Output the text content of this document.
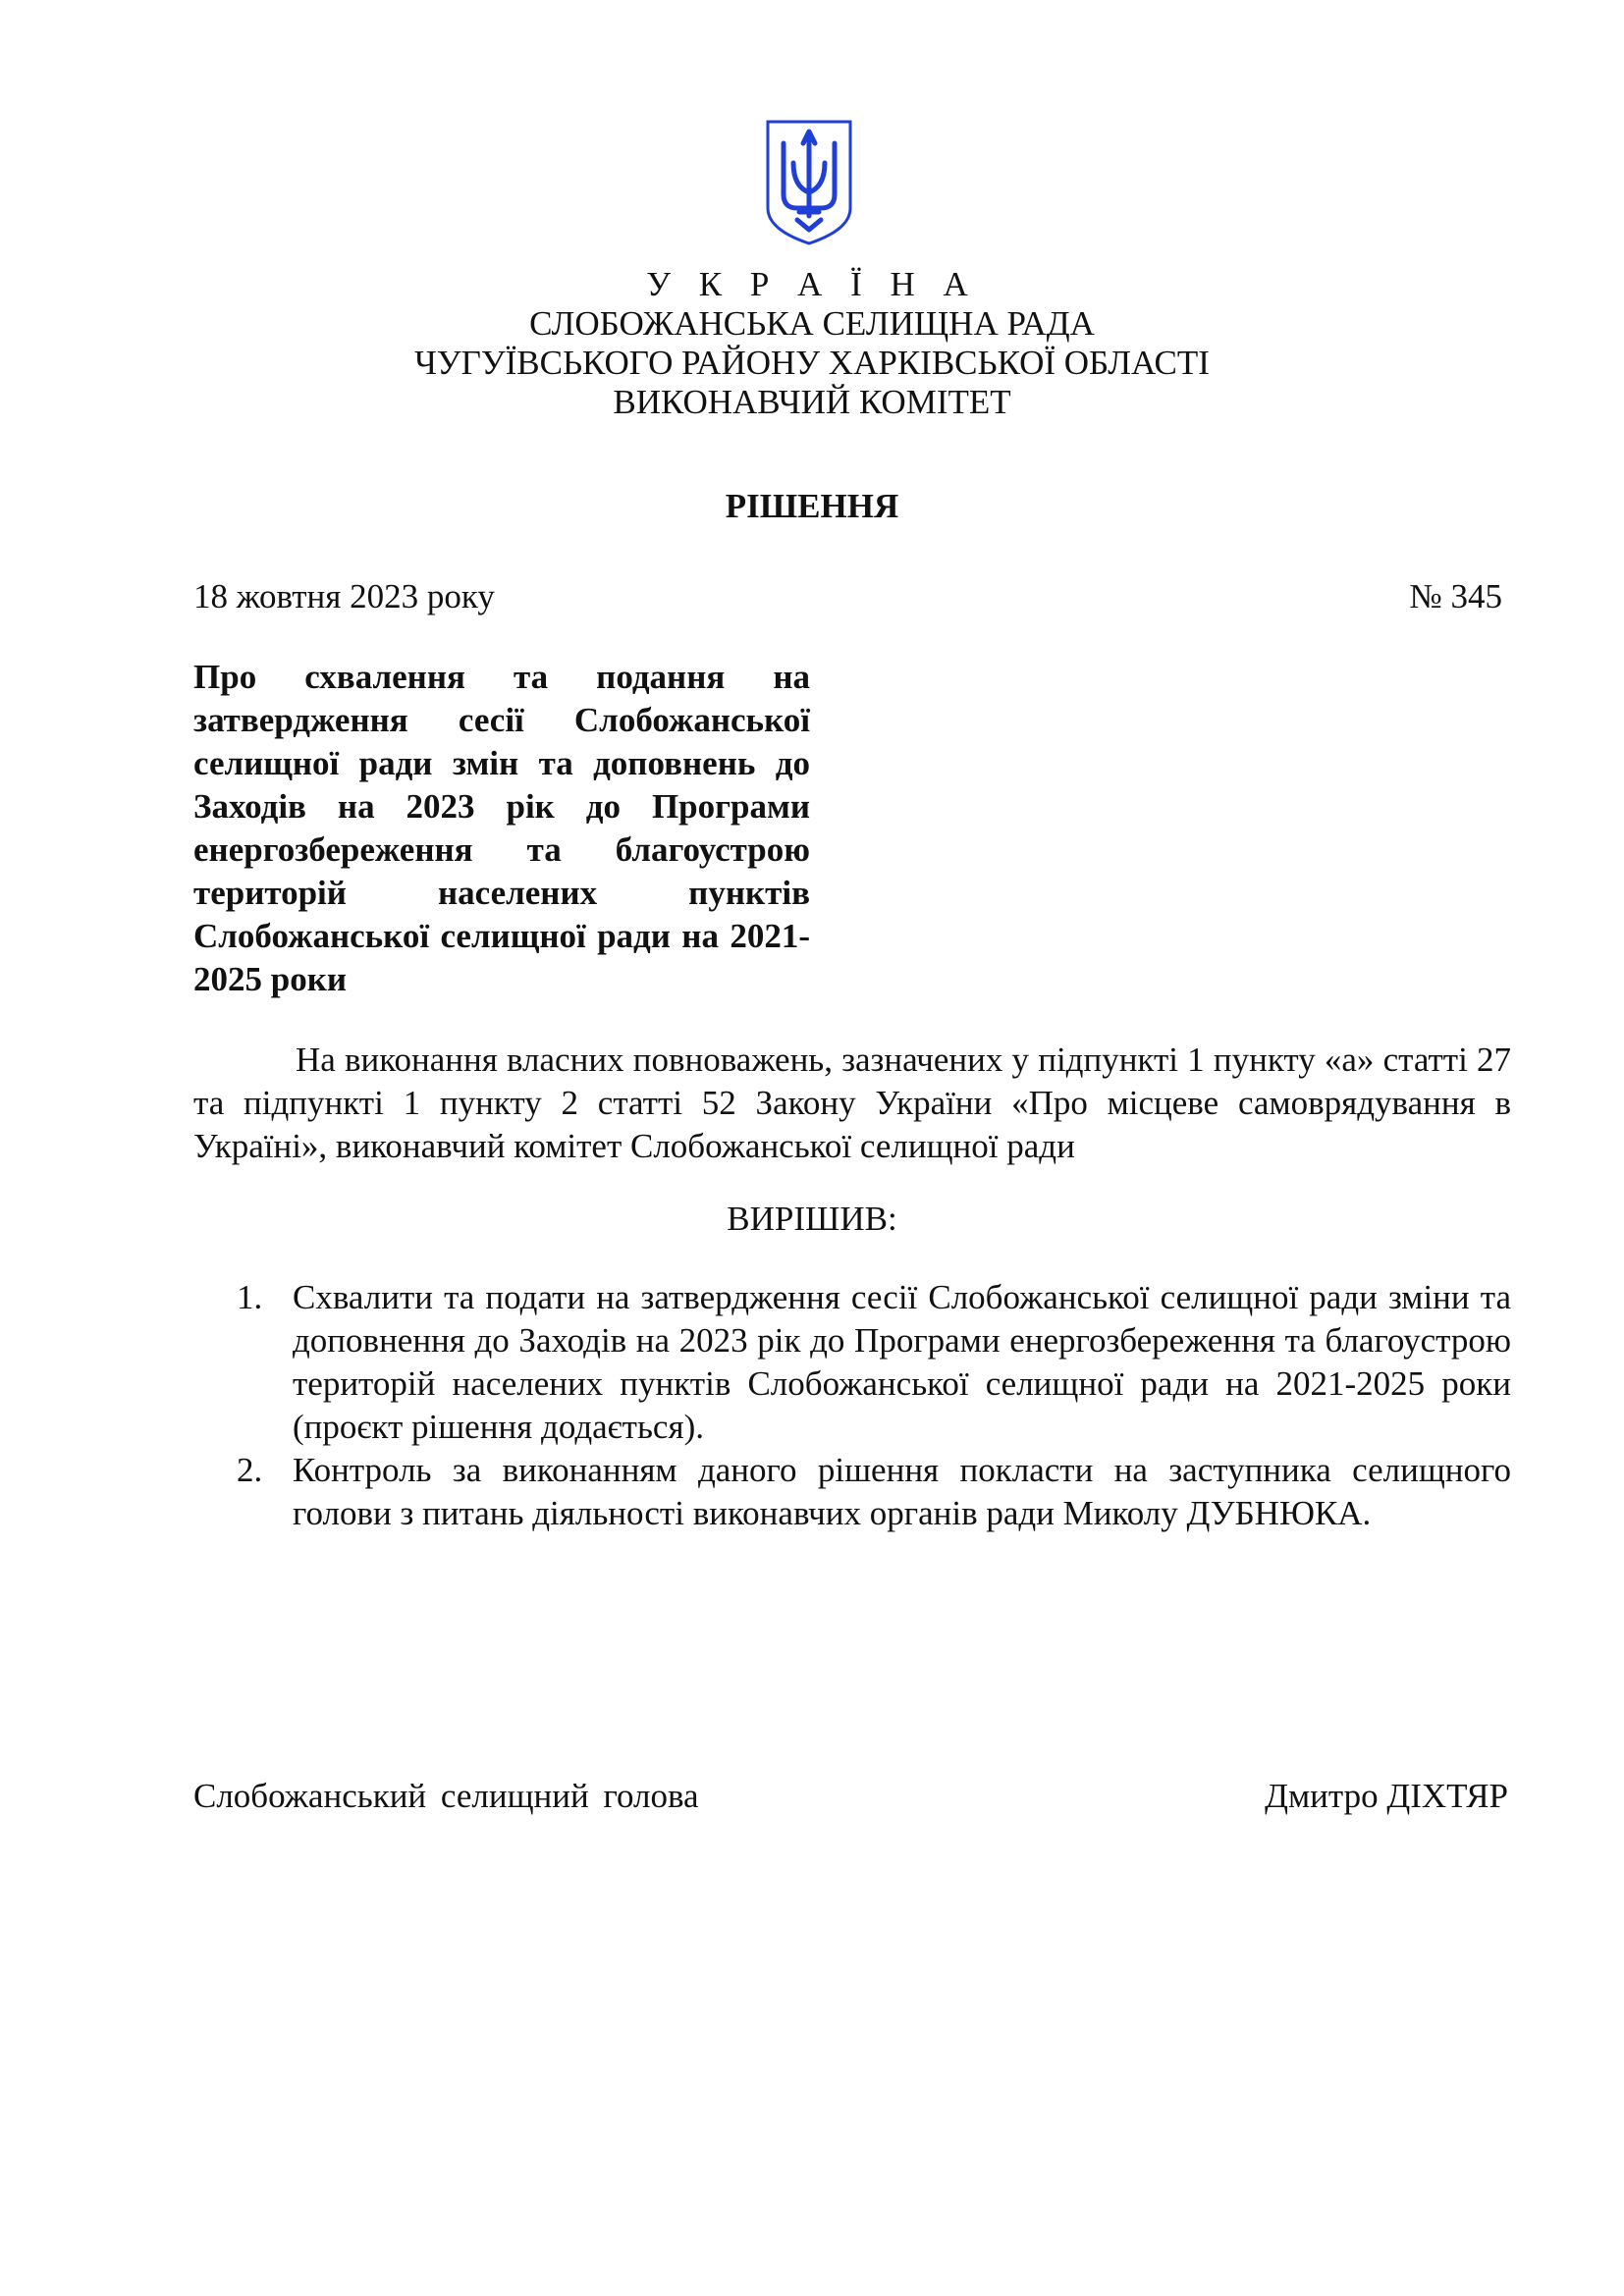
У К Р А Ї Н А
СЛОБОЖАНСЬКА СЕЛИЩНА РАДА
ЧУГУЇВСЬКОГО РАЙОНУ ХАРКІВСЬКОЇ ОБЛАСТІ
ВИКОНАВЧИЙ КОМІТЕТ
РІШЕННЯ
18 жовтня 2023 року	№ 345
Про схвалення та подання на затвердження сесії Слобожанської селищної ради змін та доповнень до Заходів на 2023 рік до Програми енергозбереження та благоустрою територій населених пунктів Слобожанської селищної ради на 2021-2025 роки
На виконання власних повноважень, зазначених у підпункті 1 пункту «а» статті 27 та підпункті 1 пункту 2 статті 52 Закону України «Про місцеве самоврядування в Україні», виконавчий комітет Слобожанської селищної ради
ВИРІШИВ:
1. Схвалити та подати на затвердження сесії Слобожанської селищної ради зміни та доповнення до Заходів на 2023 рік до Програми енергозбереження та благоустрою територій населених пунктів Слобожанської селищної ради на 2021-2025 роки (проєкт рішення додається).
2. Контроль за виконанням даного рішення покласти на заступника селищного голови з питань діяльності виконавчих органів ради Миколу ДУБНЮКА.
Слобожанський селищний голова	Дмитро ДІХТЯР
